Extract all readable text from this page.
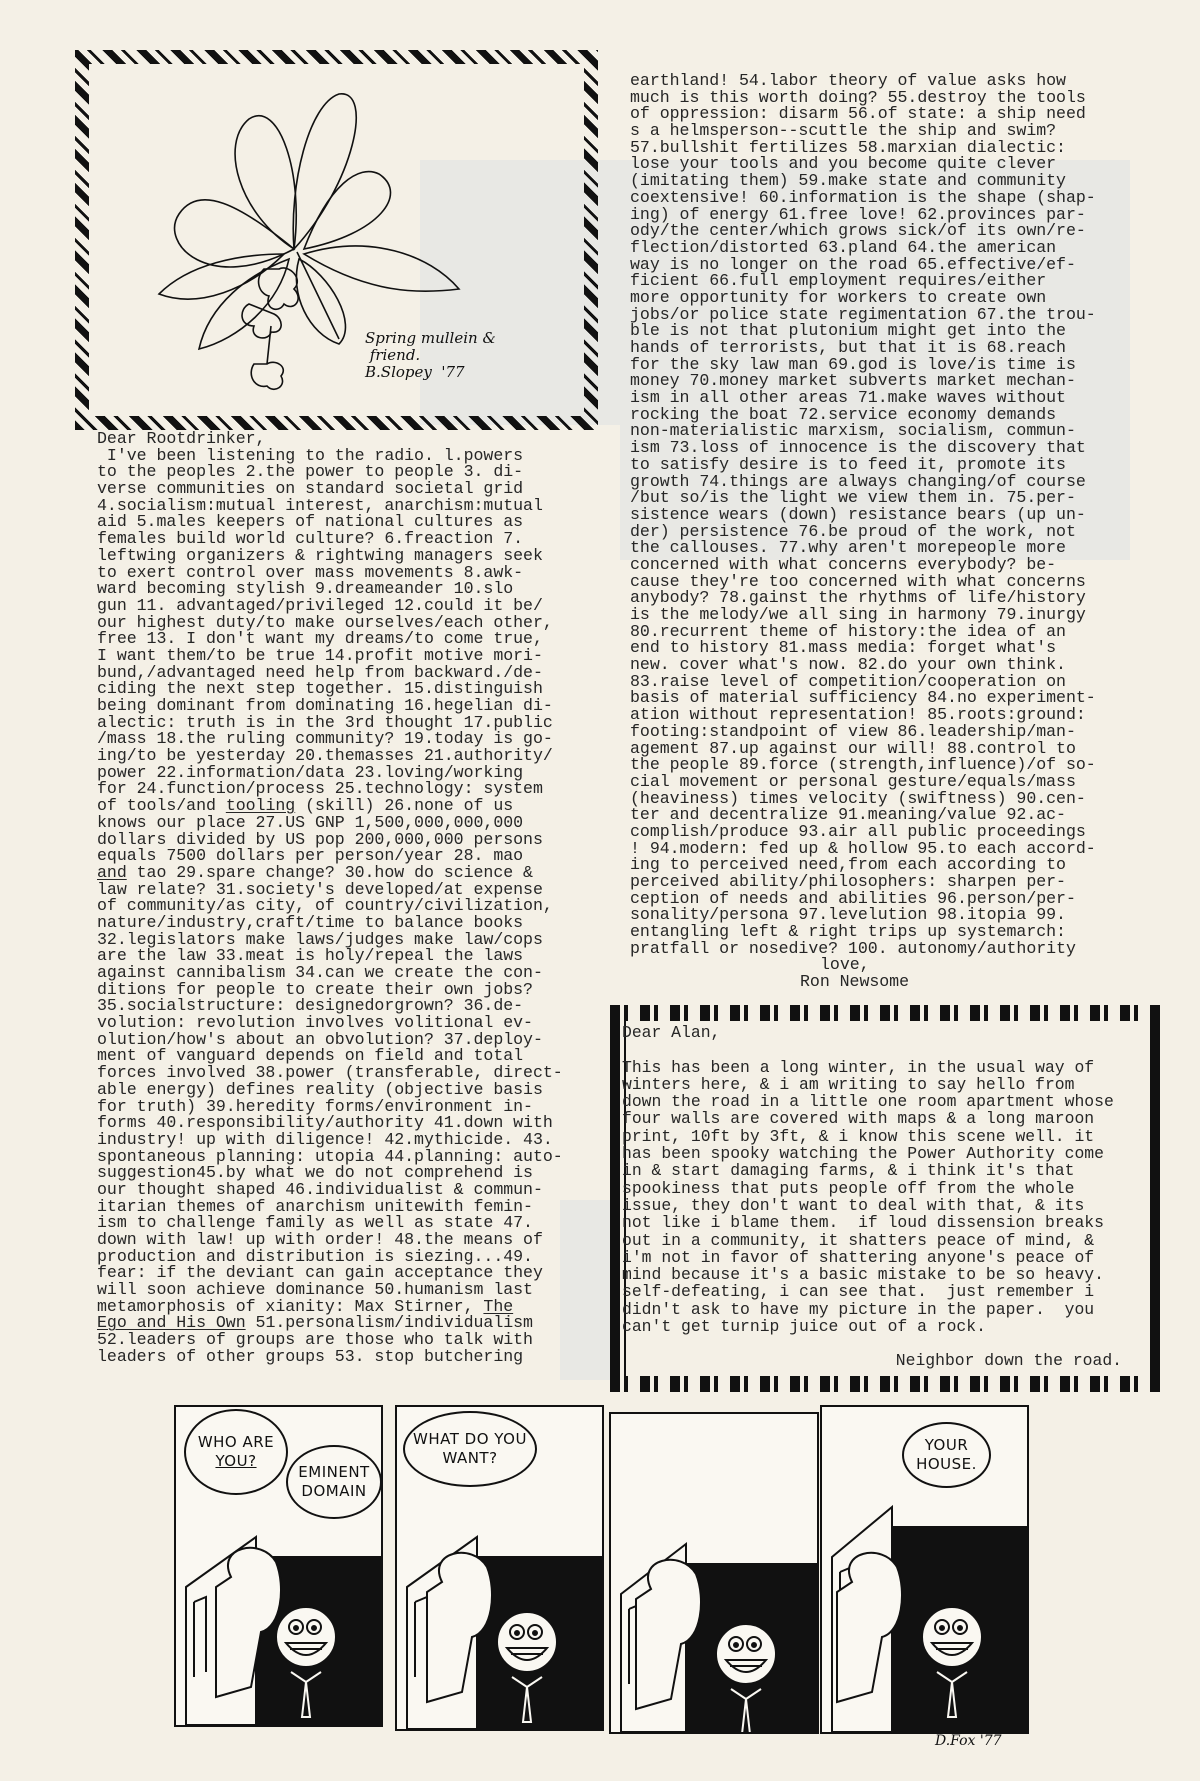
Spring mullein &
friend.
B.Slopey  '77
Dear Rootdrinker,
I've been listening to the radio. l.powers
to the peoples 2.the power to people 3. di-
verse communities on standard societal grid
4.socialism:mutual interest, anarchism:mutual
aid 5.males keepers of national cultures as
females build world culture? 6.freaction 7.
leftwing organizers & rightwing managers seek
to exert control over mass movements 8.awk-
ward becoming stylish 9.dreameander 10.slo
gun 11. advantaged/privileged 12.could it be/
our highest duty/to make ourselves/each other,
free 13. I don't want my dreams/to come true,
I want them/to be true 14.profit motive mori-
bund,/advantaged need help from backward./de-
ciding the next step together. 15.distinguish
being dominant from dominating 16.hegelian di-
alectic: truth is in the 3rd thought 17.public
/mass 18.the ruling community? 19.today is go-
ing/to be yesterday 20.themasses 21.authority/
power 22.information/data 23.loving/working
for 24.function/process 25.technology: system
of tools/and tooling (skill) 26.none of us
knows our place 27.US GNP 1,500,000,000,000
dollars divided by US pop 200,000,000 persons
equals 7500 dollars per person/year 28. mao
and tao 29.spare change? 30.how do science &
law relate? 31.society's developed/at expense
of community/as city, of country/civilization,
nature/industry,craft/time to balance books
32.legislators make laws/judges make law/cops
are the law 33.meat is holy/repeal the laws
against cannibalism 34.can we create the con-
ditions for people to create their own jobs?
35.socialstructure: designedorgrown? 36.de-
volution: revolution involves volitional ev-
olution/how's about an obvolution? 37.deploy-
ment of vanguard depends on field and total
forces involved 38.power (transferable, direct-
able energy) defines reality (objective basis
for truth) 39.heredity forms/environment in-
forms 40.responsibility/authority 41.down with
industry! up with diligence! 42.mythicide. 43.
spontaneous planning: utopia 44.planning: auto-
suggestion45.by what we do not comprehend is
our thought shaped 46.individualist & commun-
itarian themes of anarchism unitewith femin-
ism to challenge family as well as state 47.
down with law! up with order! 48.the means of
production and distribution is siezing...49.
fear: if the deviant can gain acceptance they
will soon achieve dominance 50.humanism last
metamorphosis of xianity: Max Stirner, The
Ego and His Own 51.personalism/individualism
52.leaders of groups are those who talk with
leaders of other groups 53. stop butchering
earthland! 54.labor theory of value asks how
much is this worth doing? 55.destroy the tools
of oppression: disarm 56.of state: a ship need
s a helmsperson--scuttle the ship and swim?
57.bullshit fertilizes 58.marxian dialectic:
lose your tools and you become quite clever
(imitating them) 59.make state and community
coextensive! 60.information is the shape (shap-
ing) of energy 61.free love! 62.provinces par-
ody/the center/which grows sick/of its own/re-
flection/distorted 63.pland 64.the american
way is no longer on the road 65.effective/ef-
ficient 66.full employment requires/either
more opportunity for workers to create own
jobs/or police state regimentation 67.the trou-
ble is not that plutonium might get into the
hands of terrorists, but that it is 68.reach
for the sky law man 69.god is love/is time is
money 70.money market subverts market mechan-
ism in all other areas 71.make waves without
rocking the boat 72.service economy demands
non-materialistic marxism, socialism, commun-
ism 73.loss of innocence is the discovery that
to satisfy desire is to feed it, promote its
growth 74.things are always changing/of course
/but so/is the light we view them in. 75.per-
sistence wears (down) resistance bears (up un-
der) persistence 76.be proud of the work, not
the callouses. 77.why aren't morepeople more
concerned with what concerns everybody? be-
cause they're too concerned with what concerns
anybody? 78.gainst the rhythms of life/history
is the melody/we all sing in harmony 79.inurgy
80.recurrent theme of history:the idea of an
end to history 81.mass media: forget what's
new. cover what's now. 82.do your own think.
83.raise level of competition/cooperation on
basis of material sufficiency 84.no experiment-
ation without representation! 85.roots:ground:
footing:standpoint of view 86.leadership/man-
agement 87.up against our will! 88.control to
the people 89.force (strength,influence)/of so-
cial movement or personal gesture/equals/mass
(heaviness) times velocity (swiftness) 90.cen-
ter and decentralize 91.meaning/value 92.ac-
complish/produce 93.air all public proceedings
! 94.modern: fed up & hollow 95.to each accord-
ing to perceived need,from each according to
perceived ability/philosophers: sharpen per-
ception of needs and abilities 96.person/per-
sonality/persona 97.levelution 98.itopia 99.
entangling left & right trips up systemarch:
pratfall or nosedive? 100. autonomy/authority
love,
Ron Newsome
Dear Alan,
This has been a long winter, in the usual way of
winters here, & i am writing to say hello from
down the road in a little one room apartment whose
four walls are covered with maps & a long maroon
print, 10ft by 3ft, & i know this scene well. it
has been spooky watching the Power Authority come
in & start damaging farms, & i think it's that
spookiness that puts people off from the whole
issue, they don't want to deal with that, & its
not like i blame them.  if loud dissension breaks
out in a community, it shatters peace of mind, &
i'm not in favor of shattering anyone's peace of
mind because it's a basic mistake to be so heavy.
self-defeating, i can see that.  just remember i
didn't ask to have my picture in the paper.  you
can't get turnip juice out of a rock.
Neighbor down the road.
WHO ARE
YOU?
EMINENT
DOMAIN
WHAT DO YOU
WANT?
YOUR
HOUSE.
D.Fox '77
